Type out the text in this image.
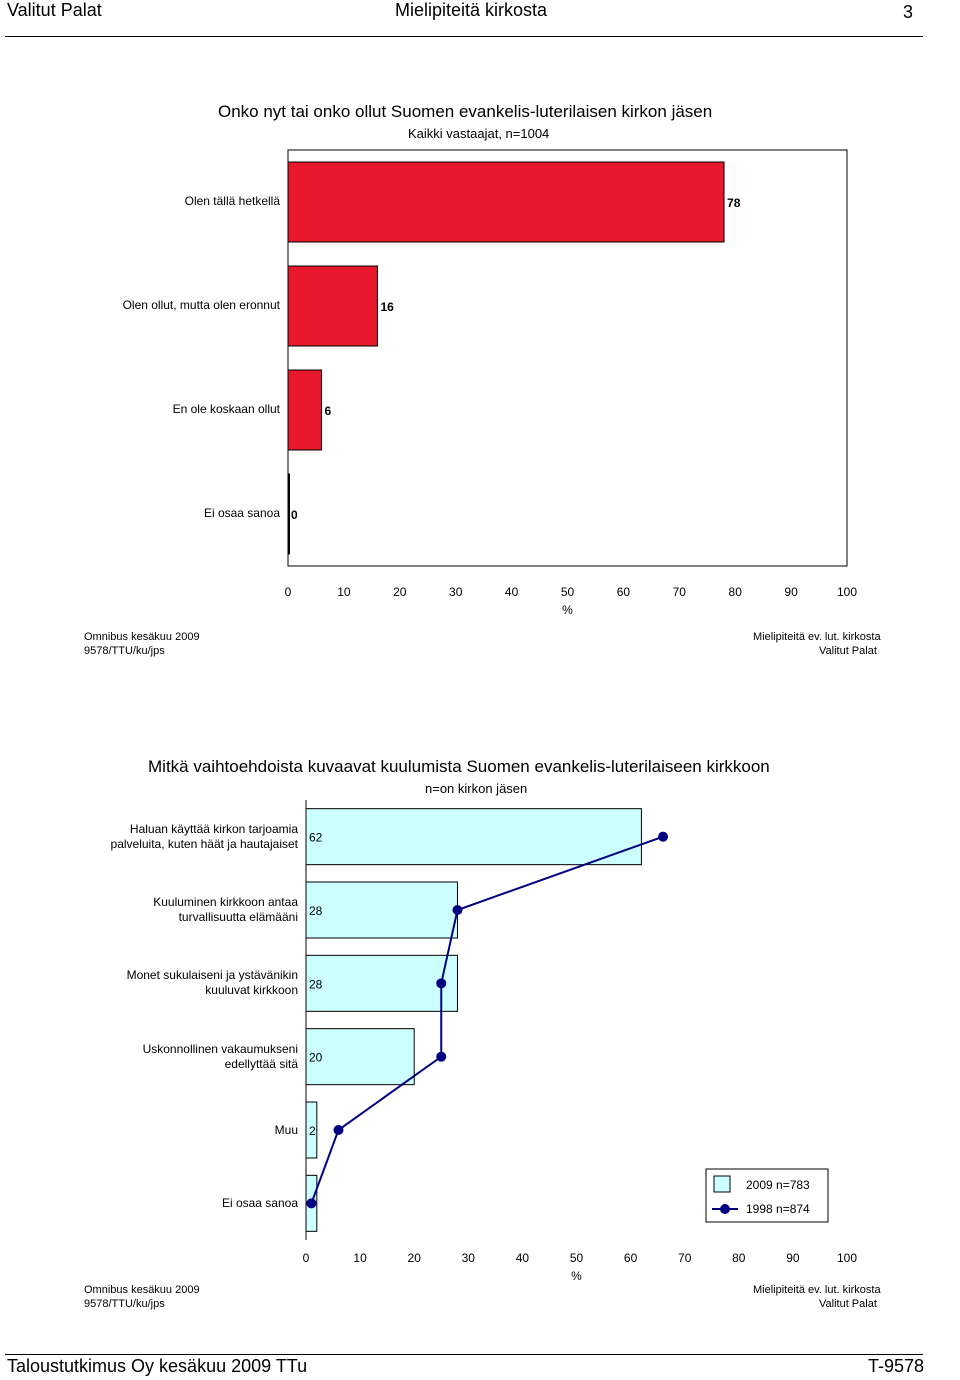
Valitut Palat	Mielipiteitä kirkosta	3
Onko nyt tai onko ollut Suomen evankelis-luterilaisen kirkon jäsen
Kaikki vastaajat, n=1004
Olen tällä hetkellä
Olen ollut, mutta olen eronnut
En ole koskaan ollut
Ei osaa sanoa
78
16
6
0
0	10	20	30	40	50	60	70	80	90	100
%
Omnibus kesäkuu 2009
9578/TTU/ku/jps
Mielipiteitä ev. lut. kirkosta
Valitut Palat
Mitkä vaihtoehdoista kuvaavat kuulumista Suomen evankelis-luterilaiseen kirkkoon
n=on kirkon jäsen
Haluan käyttää kirkon tarjoamia
palveluita, kuten häät ja hautajaiset
Kuuluminen kirkkoon antaa
turvallisuutta elämääni
Monet sukulaiseni ja ystävänikin
kuuluvat kirkkoon
Uskonnollinen vakaumukseni
edellyttää sitä
Muu
Ei osaa sanoa
62
28
28
20
2
0	10	20	30	40	50	60	70	80	90	100
%
2009 n=783
1998 n=874
Omnibus kesäkuu 2009
9578/TTU/ku/jps
Mielipiteitä ev. lut. kirkosta
Valitut Palat
Taloustutkimus Oy kesäkuu 2009 TTu	T-9578
